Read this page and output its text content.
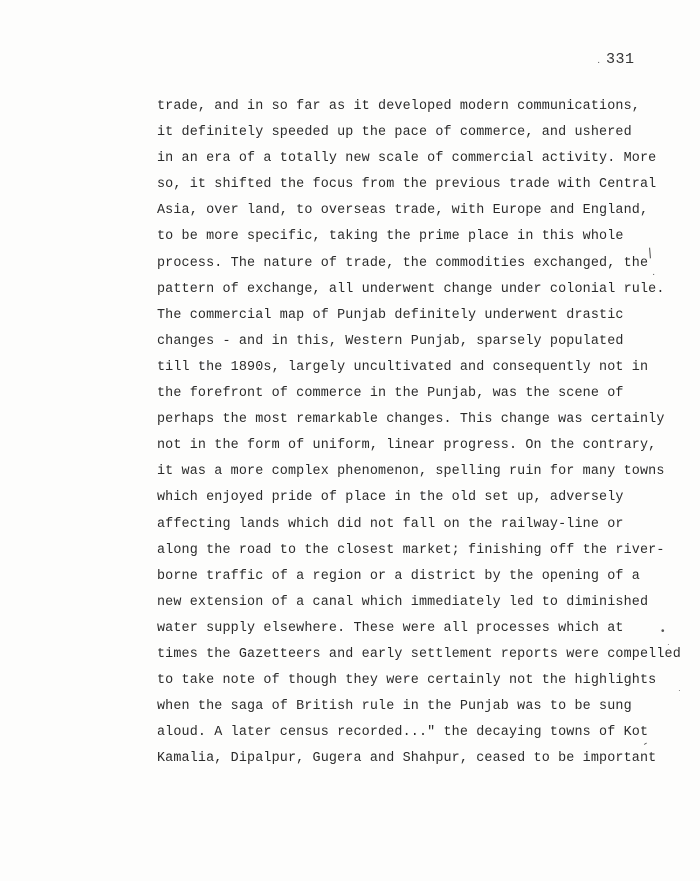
· 331
trade, and in so far as it developed modern communications,
it definitely speeded up the pace of commerce, and ushered
in an era of a totally new scale of commercial activity. More
so, it shifted the focus from the previous trade with Central
Asia, over land, to overseas trade, with Europe and England,
to be more specific, taking the prime place in this whole
process. The nature of trade, the commodities exchanged, the
pattern of exchange, all underwent change under colonial rule.
The commercial map of Punjab definitely underwent drastic
changes - and in this, Western Punjab, sparsely populated
till the 1890s, largely uncultivated and consequently not in
the forefront of commerce in the Punjab, was the scene of
perhaps the most remarkable changes. This change was certainly
not in the form of uniform, linear progress. On the contrary,
it was a more complex phenomenon, spelling ruin for many towns
which enjoyed pride of place in the old set up, adversely
affecting lands which did not fall on the railway-line or
along the road to the closest market; finishing off the river-
borne traffic of a region or a district by the opening of a
new extension of a canal which immediately led to diminished
water supply elsewhere. These were all processes which at
times the Gazetteers and early settlement reports were compelled
to take note of though they were certainly not the highlights
when the saga of British rule in the Punjab was to be sung
aloud. A later census recorded..." the decaying towns of Kot
Kamalia, Dipalpur, Gugera and Shahpur, ceased to be important
/
·
•
·
·
-
